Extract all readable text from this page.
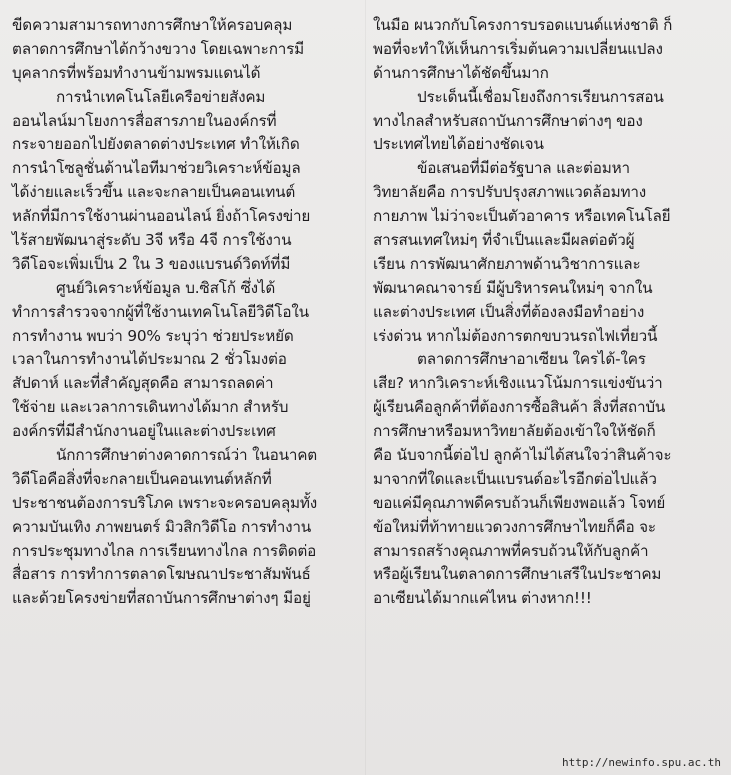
ขีดความสามารถทางการศึกษาให้ครอบคลุม
ตลาดการศึกษาได้กว้างขวาง โดยเฉพาะการมี
บุคลากรที่พร้อมทำงานข้ามพรมแดนได้
การนำเทคโนโลยีเครือข่ายสังคม
ออนไลน์มาโยงการสื่อสารภายในองค์กรที่
กระจายออกไปยังตลาดต่างประเทศ ทำให้เกิด
การนำโซลูชั่นด้านไอทีมาช่วยวิเคราะห์ข้อมูล
ได้ง่ายและเร็วขึ้น และจะกลายเป็นคอนเทนต์
หลักที่มีการใช้งานผ่านออนไลน์ ยิ่งถ้าโครงข่าย
ไร้สายพัฒนาสู่ระดับ 3จี หรือ 4จี การใช้งาน
วิดีโอจะเพิ่มเป็น 2 ใน 3 ของแบรนด์วิดท์ที่มี
ศูนย์วิเคราะห์ข้อมูล บ.ซิสโก้ ซึ่งได้
ทำการสำรวจจากผู้ที่ใช้งานเทคโนโลยีวิดีโอใน
การทำงาน พบว่า 90% ระบุว่า ช่วยประหยัด
เวลาในการทำงานได้ประมาณ 2 ชั่วโมงต่อ
สัปดาห์ และที่สำคัญสุดคือ สามารถลดค่า
ใช้จ่าย และเวลาการเดินทางได้มาก สำหรับ
องค์กรที่มีสำนักงานอยู่ในและต่างประเทศ
นักการศึกษาต่างคาดการณ์ว่า ในอนาคต
วิดีโอคือสิ่งที่จะกลายเป็นคอนเทนต์หลักที่
ประชาชนต้องการบริโภค เพราะจะครอบคลุมทั้ง
ความบันเทิง ภาพยนตร์ มิวสิกวิดีโอ การทำงาน
การประชุมทางไกล การเรียนทางไกล การติดต่อ
สื่อสาร การทำการตลาดโฆษณาประชาสัมพันธ์
และด้วยโครงข่ายที่สถาบันการศึกษาต่างๆ มีอยู่
ในมือ ผนวกกับโครงการบรอดแบนด์แห่งชาติ ก็
พอที่จะทำให้เห็นการเริ่มต้นความเปลี่ยนแปลง
ด้านการศึกษาได้ชัดขึ้นมาก
ประเด็นนี้เชื่อมโยงถึงการเรียนการสอน
ทางไกลสำหรับสถาบันการศึกษาต่างๆ ของ
ประเทศไทยได้อย่างชัดเจน
ข้อเสนอที่มีต่อรัฐบาล และต่อมหา
วิทยาลัยคือ การปรับปรุงสภาพแวดล้อมทาง
กายภาพ ไม่ว่าจะเป็นตัวอาคาร หรือเทคโนโลยี
สารสนเทศใหม่ๆ ที่จำเป็นและมีผลต่อตัวผู้
เรียน การพัฒนาศักยภาพด้านวิชาการและ
พัฒนาคณาจารย์ มีผู้บริหารคนใหม่ๆ จากใน
และต่างประเทศ เป็นสิ่งที่ต้องลงมือทำอย่าง
เร่งด่วน หากไม่ต้องการตกขบวนรถไฟเที่ยวนี้
ตลาดการศึกษาอาเซียน ใครได้-ใคร
เสีย? หากวิเคราะห์เชิงแนวโน้มการแข่งขันว่า
ผู้เรียนคือลูกค้าที่ต้องการซื้อสินค้า สิ่งที่สถาบัน
การศึกษาหรือมหาวิทยาลัยต้องเข้าใจให้ชัดก็
คือ นับจากนี้ต่อไป ลูกค้าไม่ได้สนใจว่าสินค้าจะ
มาจากที่ใดและเป็นแบรนด์อะไรอีกต่อไปแล้ว
ขอแค่มีคุณภาพดีครบถ้วนก็เพียงพอแล้ว โจทย์
ข้อใหม่ที่ท้าทายแวดวงการศึกษาไทยก็คือ จะ
สามารถสร้างคุณภาพที่ครบถ้วนให้กับลูกค้า
หรือผู้เรียนในตลาดการศึกษาเสรีในประชาคม
อาเซียนได้มากแค่ไหน ต่างหาก!!!
http://newinfo.spu.ac.th
